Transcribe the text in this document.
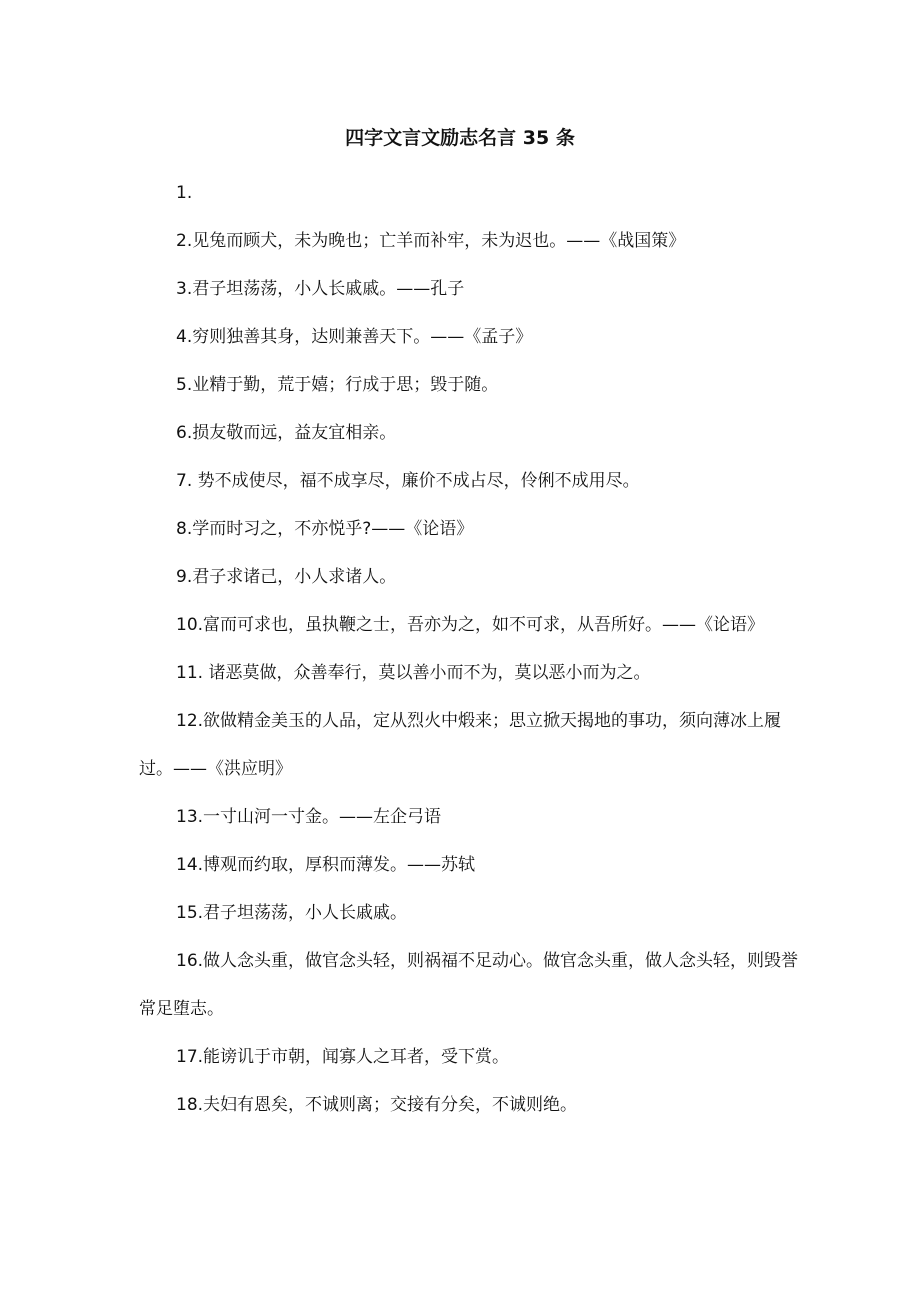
四字文言文励志名言 35 条

1.

2.见兔而顾犬，未为晚也；亡羊而补牢，未为迟也。——《战国策》

3.君子坦荡荡，小人长戚戚。——孔子

4.穷则独善其身，达则兼善天下。——《孟子》

5.业精于勤，荒于嬉；行成于思；毁于随。

6.损友敬而远，益友宜相亲。

7. 势不成使尽，福不成享尽，廉价不成占尽，伶俐不成用尽。

8.学而时习之，不亦悦乎?——《论语》

9.君子求诸己，小人求诸人。

10.富而可求也，虽执鞭之士，吾亦为之，如不可求，从吾所好。——《论语》

11. 诸恶莫做，众善奉行，莫以善小而不为，莫以恶小而为之。

12.欲做精金美玉的人品，定从烈火中煅来；思立掀天揭地的事功，须向薄冰上履过。——《洪应明》

13.一寸山河一寸金。——左企弓语

14.博观而约取，厚积而薄发。——苏轼

15.君子坦荡荡，小人长戚戚。

16.做人念头重，做官念头轻，则祸福不足动心。做官念头重，做人念头轻，则毁誉常足堕志。

17.能谤讥于市朝，闻寡人之耳者，受下赏。

18.夫妇有恩矣，不诚则离；交接有分矣，不诚则绝。
